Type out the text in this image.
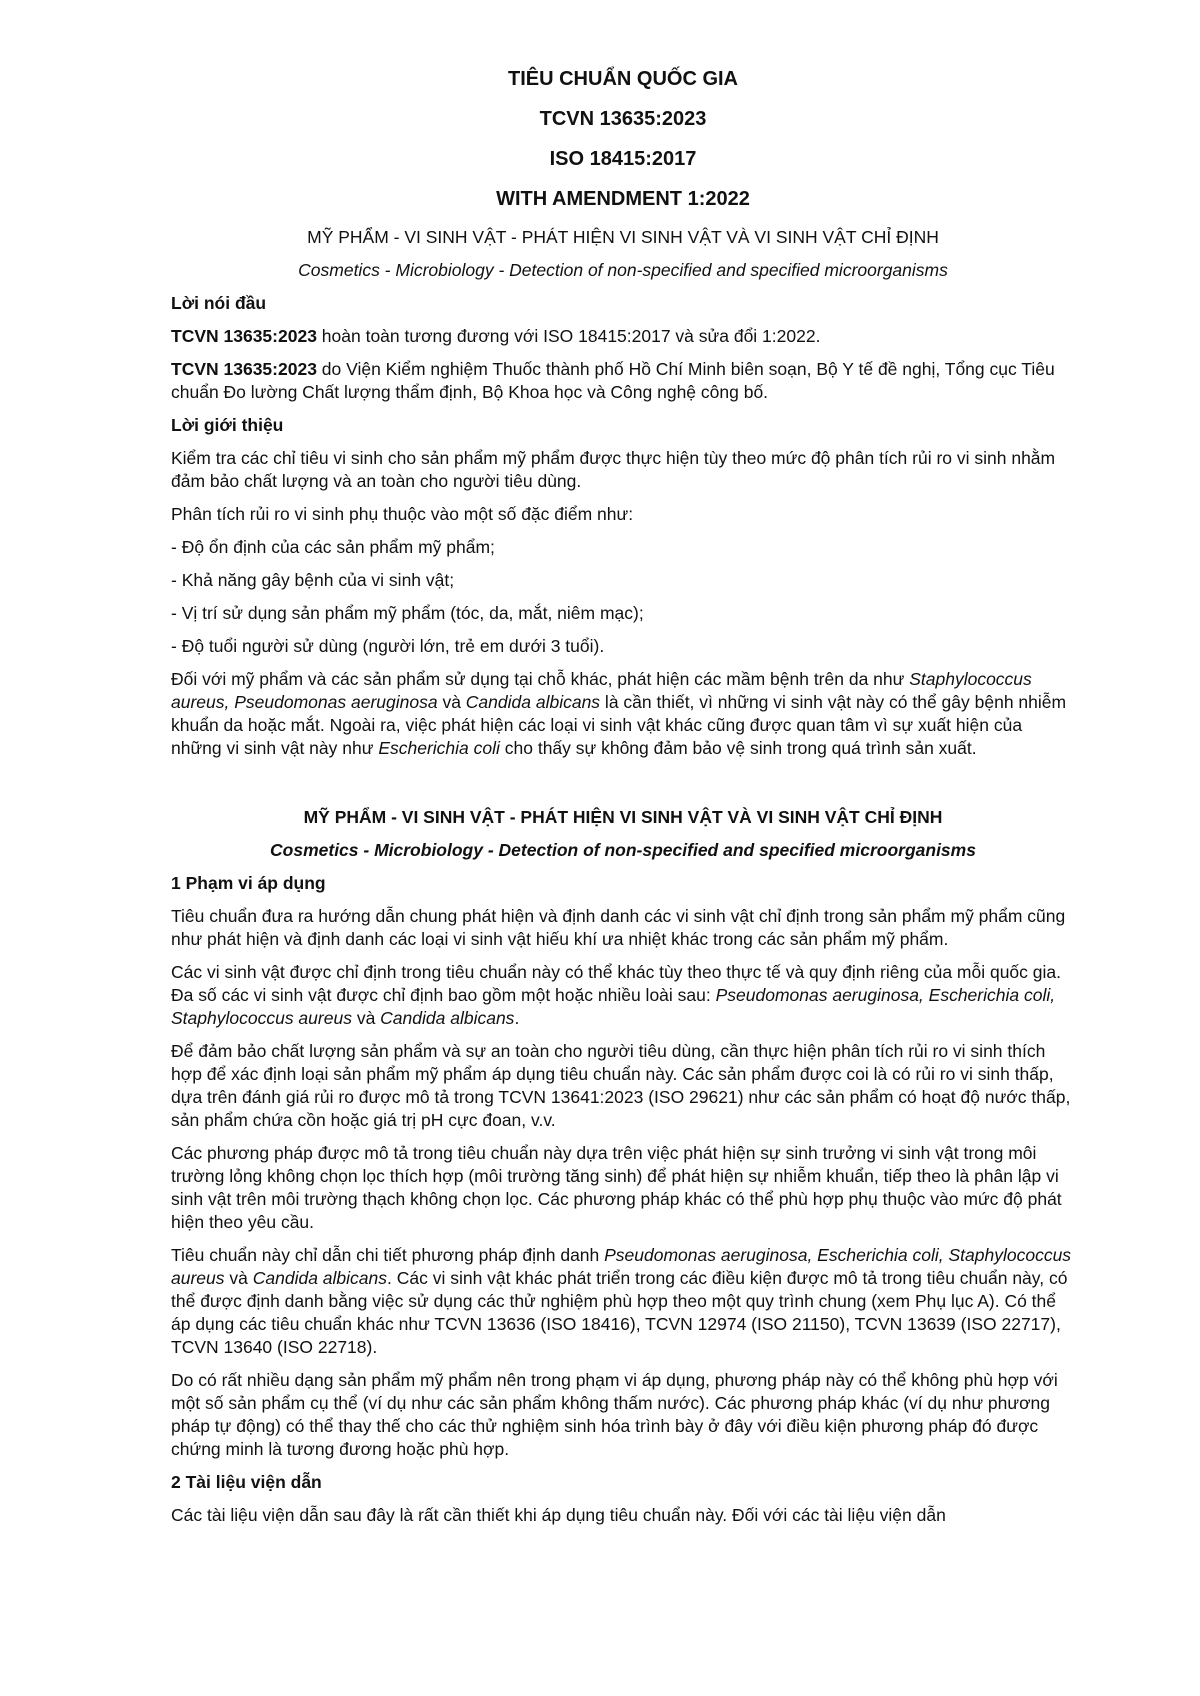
TIÊU CHUẨN QUỐC GIA
TCVN 13635:2023
ISO 18415:2017
WITH AMENDMENT 1:2022
MỸ PHẨM - VI SINH VẬT - PHÁT HIỆN VI SINH VẬT VÀ VI SINH VẬT CHỈ ĐỊNH
Cosmetics - Microbiology - Detection of non-specified and specified microorganisms
Lời nói đầu

TCVN 13635:2023 hoàn toàn tương đương với ISO 18415:2017 và sửa đổi 1:2022.

TCVN 13635:2023 do Viện Kiểm nghiệm Thuốc thành phố Hồ Chí Minh biên soạn, Bộ Y tế đề nghị, Tổng cục Tiêu chuẩn Đo lường Chất lượng thẩm định, Bộ Khoa học và Công nghệ công bố.

Lời giới thiệu

Kiểm tra các chỉ tiêu vi sinh cho sản phẩm mỹ phẩm được thực hiện tùy theo mức độ phân tích rủi ro vi sinh nhằm đảm bảo chất lượng và an toàn cho người tiêu dùng.

Phân tích rủi ro vi sinh phụ thuộc vào một số đặc điểm như:

- Độ ổn định của các sản phẩm mỹ phẩm;

- Khả năng gây bệnh của vi sinh vật;

- Vị trí sử dụng sản phẩm mỹ phẩm (tóc, da, mắt, niêm mạc);

- Độ tuổi người sử dùng (người lớn, trẻ em dưới 3 tuổi).

Đối với mỹ phẩm và các sản phẩm sử dụng tại chỗ khác, phát hiện các mầm bệnh trên da như Staphylococcus aureus, Pseudomonas aeruginosa và Candida albicans là cần thiết, vì những vi sinh vật này có thể gây bệnh nhiễm khuẩn da hoặc mắt. Ngoài ra, việc phát hiện các loại vi sinh vật khác cũng được quan tâm vì sự xuất hiện của những vi sinh vật này như Escherichia coli cho thấy sự không đảm bảo vệ sinh trong quá trình sản xuất.

MỸ PHẨM - VI SINH VẬT - PHÁT HIỆN VI SINH VẬT VÀ VI SINH VẬT CHỈ ĐỊNH
Cosmetics - Microbiology - Detection of non-specified and specified microorganisms
1 Phạm vi áp dụng

Tiêu chuẩn đưa ra hướng dẫn chung phát hiện và định danh các vi sinh vật chỉ định trong sản phẩm mỹ phẩm cũng như phát hiện và định danh các loại vi sinh vật hiếu khí ưa nhiệt khác trong các sản phẩm mỹ phẩm.

Các vi sinh vật được chỉ định trong tiêu chuẩn này có thể khác tùy theo thực tế và quy định riêng của mỗi quốc gia. Đa số các vi sinh vật được chỉ định bao gồm một hoặc nhiều loài sau: Pseudomonas aeruginosa, Escherichia coli, Staphylococcus aureus và Candida albicans.

Để đảm bảo chất lượng sản phẩm và sự an toàn cho người tiêu dùng, cần thực hiện phân tích rủi ro vi sinh thích hợp để xác định loại sản phẩm mỹ phẩm áp dụng tiêu chuẩn này. Các sản phẩm được coi là có rủi ro vi sinh thấp, dựa trên đánh giá rủi ro được mô tả trong TCVN 13641:2023 (ISO 29621) như các sản phẩm có hoạt độ nước thấp, sản phẩm chứa cồn hoặc giá trị pH cực đoan, v.v.

Các phương pháp được mô tả trong tiêu chuẩn này dựa trên việc phát hiện sự sinh trưởng vi sinh vật trong môi trường lỏng không chọn lọc thích hợp (môi trường tăng sinh) để phát hiện sự nhiễm khuẩn, tiếp theo là phân lập vi sinh vật trên môi trường thạch không chọn lọc. Các phương pháp khác có thể phù hợp phụ thuộc vào mức độ phát hiện theo yêu cầu.

Tiêu chuẩn này chỉ dẫn chi tiết phương pháp định danh Pseudomonas aeruginosa, Escherichia coli, Staphylococcus aureus và Candida albicans. Các vi sinh vật khác phát triển trong các điều kiện được mô tả trong tiêu chuẩn này, có thể được định danh bằng việc sử dụng các thử nghiệm phù hợp theo một quy trình chung (xem Phụ lục A). Có thể áp dụng các tiêu chuẩn khác như TCVN 13636 (ISO 18416), TCVN 12974 (ISO 21150), TCVN 13639 (ISO 22717), TCVN 13640 (ISO 22718).

Do có rất nhiều dạng sản phẩm mỹ phẩm nên trong phạm vi áp dụng, phương pháp này có thể không phù hợp với một số sản phẩm cụ thể (ví dụ như các sản phẩm không thấm nước). Các phương pháp khác (ví dụ như phương pháp tự động) có thể thay thế cho các thử nghiệm sinh hóa trình bày ở đây với điều kiện phương pháp đó được chứng minh là tương đương hoặc phù hợp.

2 Tài liệu viện dẫn

Các tài liệu viện dẫn sau đây là rất cần thiết khi áp dụng tiêu chuẩn này. Đối với các tài liệu viện dẫn
